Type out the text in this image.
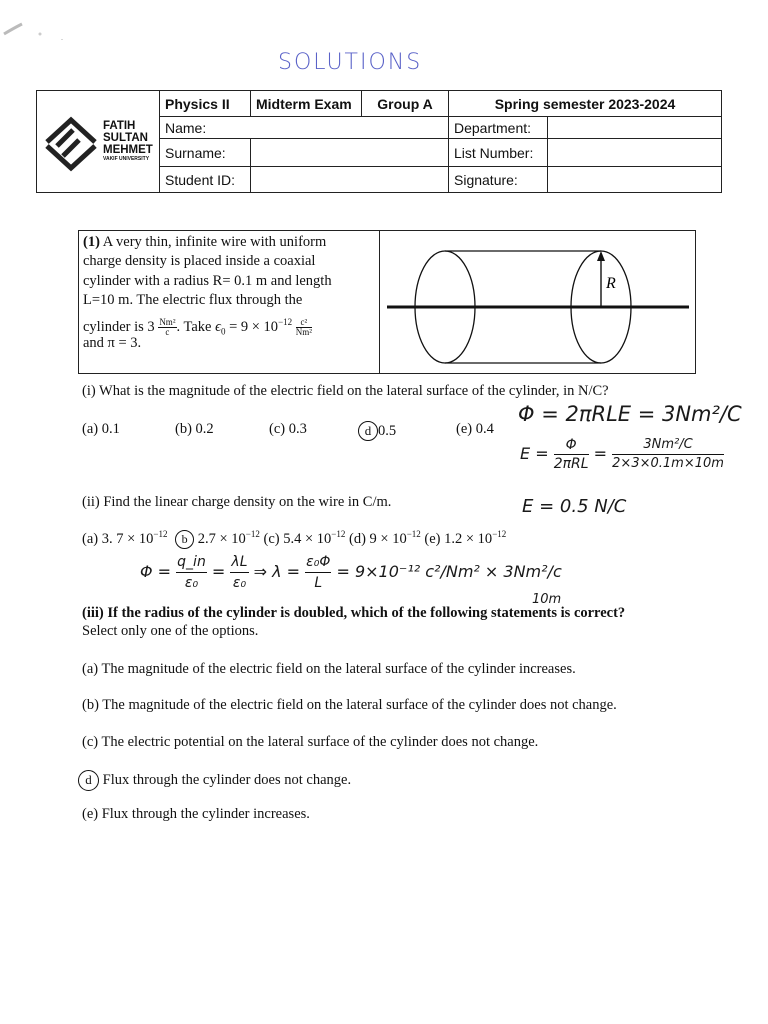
SOLUTIONS
FATIH
SULTAN
MEHMET
VAKIF UNIVERSITY	Physics II	Midterm Exam	Group A	Spring semester 2023-2024	
	Name:			Department:	
	Surname:			List Number:	
	Student ID:			Signature:	
(1) A very thin, infinite wire with uniform
charge density is placed inside a coaxial
cylinder with a radius R= 0.1 m and length
L=10 m. The electric flux through the
cylinder is $3 \frac{\text{Nm²}}{c}$ . Take $\epsilon_0 = 9 \times 10^{-12} \frac{\text{c²}}{\text{Nm²}}$
and π = 3.
R
(i) What is the magnitude of the electric field on the lateral surface of the cylinder, in N/C?
(a) 0.1	(b) 0.2	(c) 0.3	d 0.5	(e) 0.4
Φ = 2πRLE = 3Nm²/C
$E = \frac{\Phi}{\text{2πRL}} = \frac{\text{3Nm²/C}}{2\times 3\times 0.1m\times 10m}$
E = 0.5 N/C
(ii) Find the linear charge density on the wire in C/m.
(a) 3. $7 \times 10^{-12}$ b $2.7 \times 10^{-12}$ (c) $5.4 \times 10^{-12}$ (d) $9 \times 10^{-12}$ (e) $1.2 \times 10^{-12}$
$\Phi = \frac{q\_in}{\text{ε₀}} = \frac{\lambda L}{\text{ε₀}}$ ⇒ $\lambda = \frac{\text{ε₀Φ}}{L} = 9\times 10^{-12}$ c²/Nm² × 3Nm²/c
10m
(iii) If the radius of the cylinder is doubled, which of the following statements is correct?
Select only one of the options.
(a) The magnitude of the electric field on the lateral surface of the cylinder increases.
(b) The magnitude of the electric field on the lateral surface of the cylinder does not change.
(c) The electric potential on the lateral surface of the cylinder does not change.
d Flux through the cylinder does not change.
(e) Flux through the cylinder increases.
